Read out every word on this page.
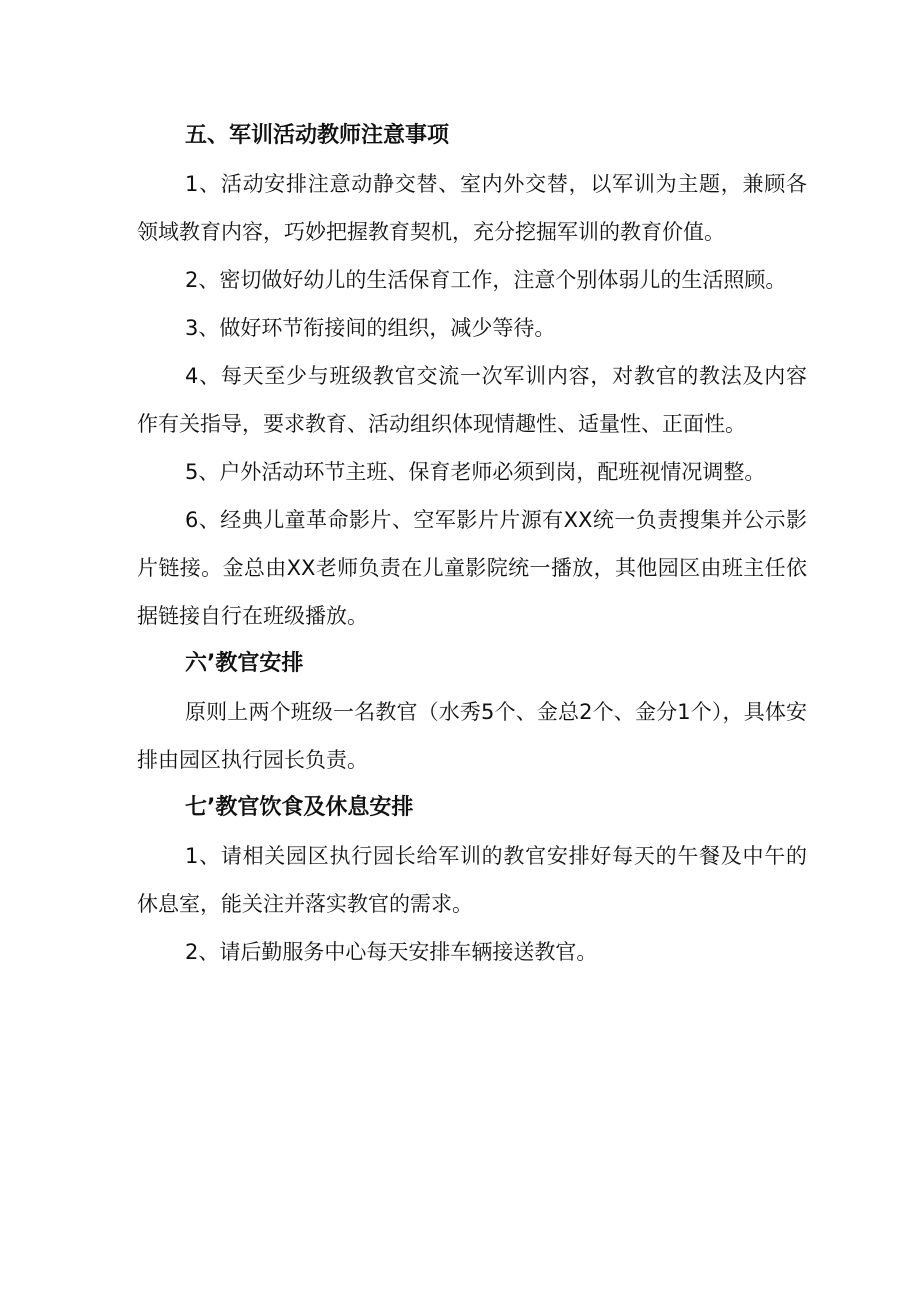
五、军训活动教师注意事项

1、活动安排注意动静交替、室内外交替，以军训为主题，兼顾各领域教育内容，巧妙把握教育契机，充分挖掘军训的教育价值。

2、密切做好幼儿的生活保育工作，注意个别体弱儿的生活照顾。

3、做好环节衔接间的组织，减少等待。

4、每天至少与班级教官交流一次军训内容，对教官的教法及内容作有关指导，要求教育、活动组织体现情趣性、适量性、正面性。

5、户外活动环节主班、保育老师必须到岗，配班视情况调整。

6、经典儿童革命影片、空军影片片源有XX统一负责搜集并公示影片链接。金总由XX老师负责在儿童影院统一播放，其他园区由班主任依据链接自行在班级播放。

六’教官安排

原则上两个班级一名教官（水秀5个、金总2个、金分1个），具体安排由园区执行园长负责。

七’教官饮食及休息安排

1、请相关园区执行园长给军训的教官安排好每天的午餐及中午的休息室，能关注并落实教官的需求。

2、请后勤服务中心每天安排车辆接送教官。
